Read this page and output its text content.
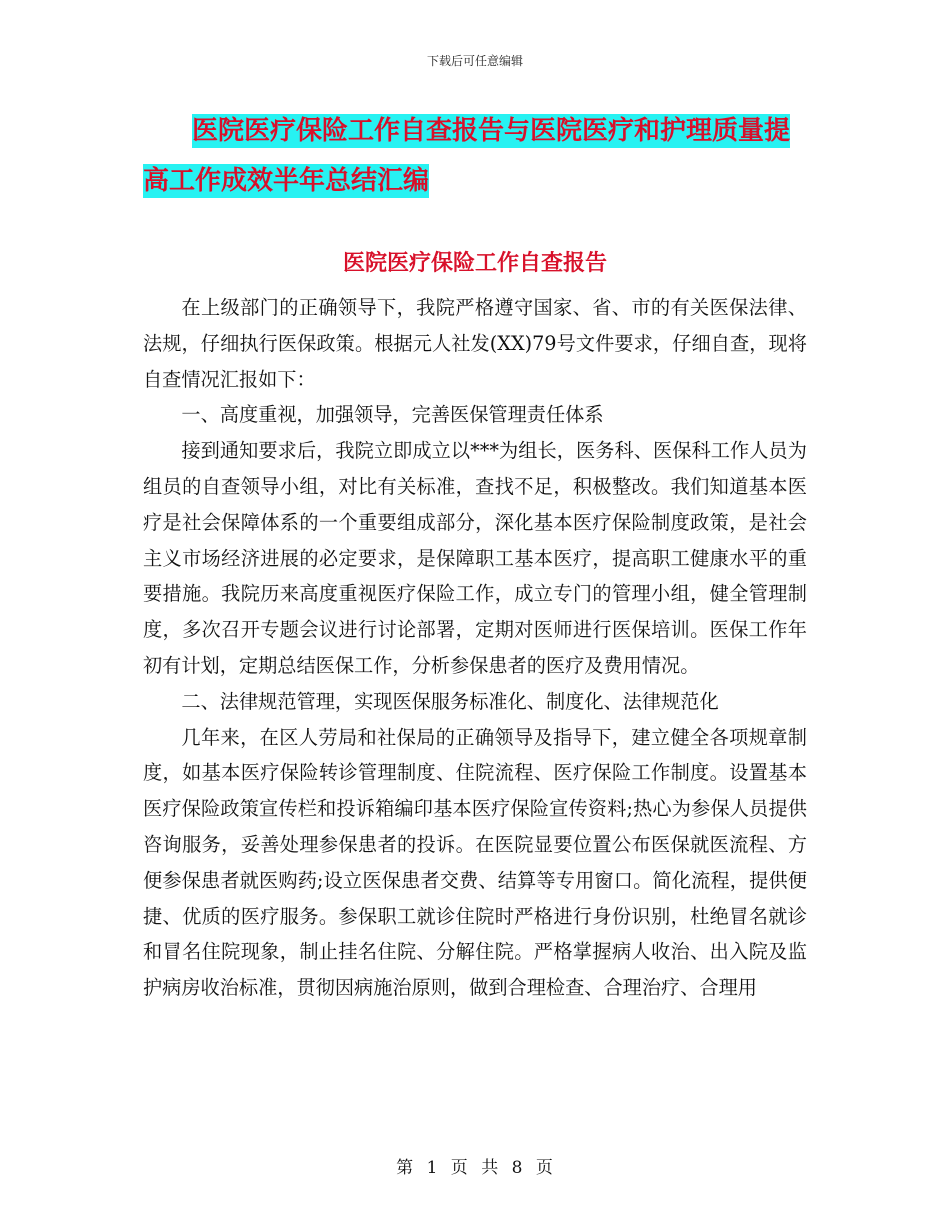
下载后可任意编辑
医院医疗保险工作自查报告与医院医疗和护理质量提
高工作成效半年总结汇编
医院医疗保险工作自查报告

在上级部门的正确领导下，我院严格遵守国家、省、市的有关医保法律、法规，仔细执行医保政策。根据元人社发(XX)79号文件要求，仔细自查，现将自查情况汇报如下：

一、高度重视，加强领导，完善医保管理责任体系

接到通知要求后，我院立即成立以***为组长，医务科、医保科工作人员为组员的自查领导小组，对比有关标准，查找不足，积极整改。我们知道基本医疗是社会保障体系的一个重要组成部分，深化基本医疗保险制度政策，是社会主义市场经济进展的必定要求，是保障职工基本医疗，提高职工健康水平的重要措施。我院历来高度重视医疗保险工作，成立专门的管理小组，健全管理制度，多次召开专题会议进行讨论部署，定期对医师进行医保培训。医保工作年初有计划，定期总结医保工作，分析参保患者的医疗及费用情况。

二、法律规范管理，实现医保服务标准化、制度化、法律规范化

几年来，在区人劳局和社保局的正确领导及指导下，建立健全各项规章制度，如基本医疗保险转诊管理制度、住院流程、医疗保险工作制度。设置基本医疗保险政策宣传栏和投诉箱编印基本医疗保险宣传资料;热心为参保人员提供咨询服务，妥善处理参保患者的投诉。在医院显要位置公布医保就医流程、方便参保患者就医购药;设立医保患者交费、结算等专用窗口。简化流程，提供便捷、优质的医疗服务。参保职工就诊住院时严格进行身份识别，杜绝冒名就诊和冒名住院现象，制止挂名住院、分解住院。严格掌握病人收治、出入院及监护病房收治标准，贯彻因病施治原则，做到合理检查、合理治疗、合理用

第 1 页 共 8 页
